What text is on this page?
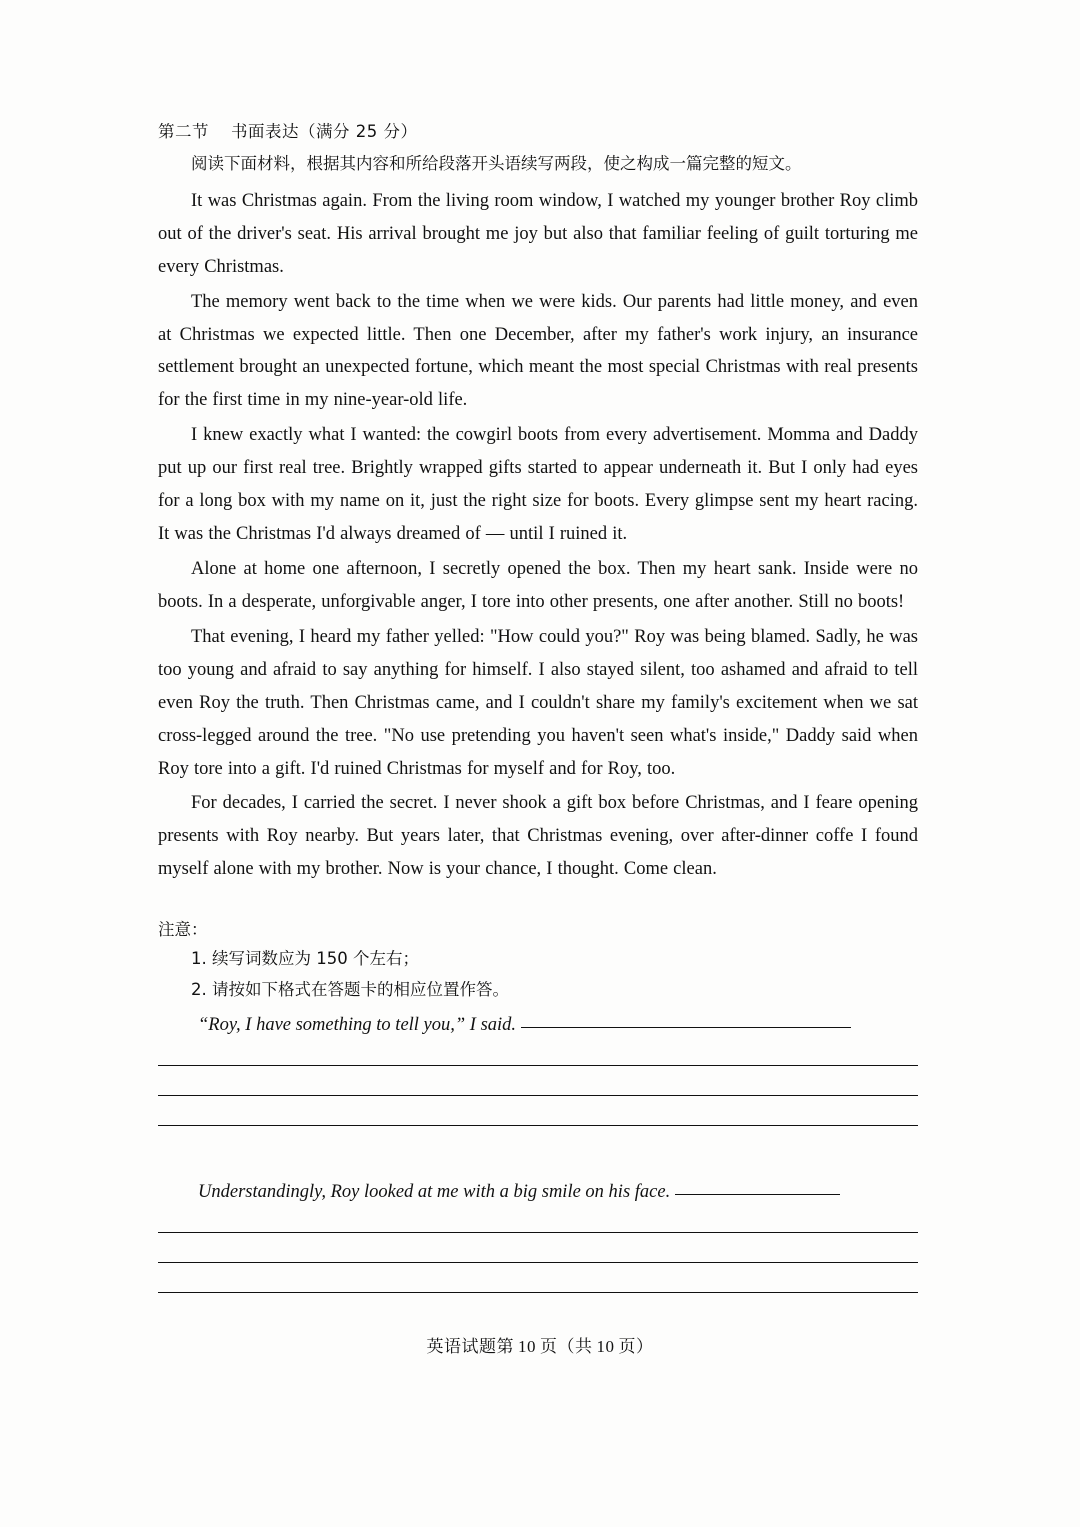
第二节 书面表达（满分 25 分）
阅读下面材料，根据其内容和所给段落开头语续写两段，使之构成一篇完整的短文。

It was Christmas again. From the living room window, I watched my younger brother Roy climb out of the driver's seat. His arrival brought me joy but also that familiar feeling of guilt torturing me every Christmas.

The memory went back to the time when we were kids. Our parents had little money, and even at Christmas we expected little. Then one December, after my father's work injury, an insurance settlement brought an unexpected fortune, which meant the most special Christmas with real presents for the first time in my nine-year-old life.

I knew exactly what I wanted: the cowgirl boots from every advertisement. Momma and Daddy put up our first real tree. Brightly wrapped gifts started to appear underneath it. But I only had eyes for a long box with my name on it, just the right size for boots. Every glimpse sent my heart racing. It was the Christmas I'd always dreamed of — until I ruined it.

Alone at home one afternoon, I secretly opened the box. Then my heart sank. Inside were no boots. In a desperate, unforgivable anger, I tore into other presents, one after another. Still no boots!

That evening, I heard my father yelled: "How could you?" Roy was being blamed. Sadly, he was too young and afraid to say anything for himself. I also stayed silent, too ashamed and afraid to tell even Roy the truth. Then Christmas came, and I couldn't share my family's excitement when we sat cross-legged around the tree. "No use pretending you haven't seen what's inside," Daddy said when Roy tore into a gift. I'd ruined Christmas for myself and for Roy, too.

For decades, I carried the secret. I never shook a gift box before Christmas, and I feare opening presents with Roy nearby. But years later, that Christmas evening, over after-dinner coffe I found myself alone with my brother. Now is your chance, I thought. Come clean.

注意：
1. 续写词数应为 150 个左右；
2. 请按如下格式在答题卡的相应位置作答。
“Roy, I have something to tell you,” I said.
Understandingly, Roy looked at me with a big smile on his face.
英语试题第 10 页（共 10 页）
